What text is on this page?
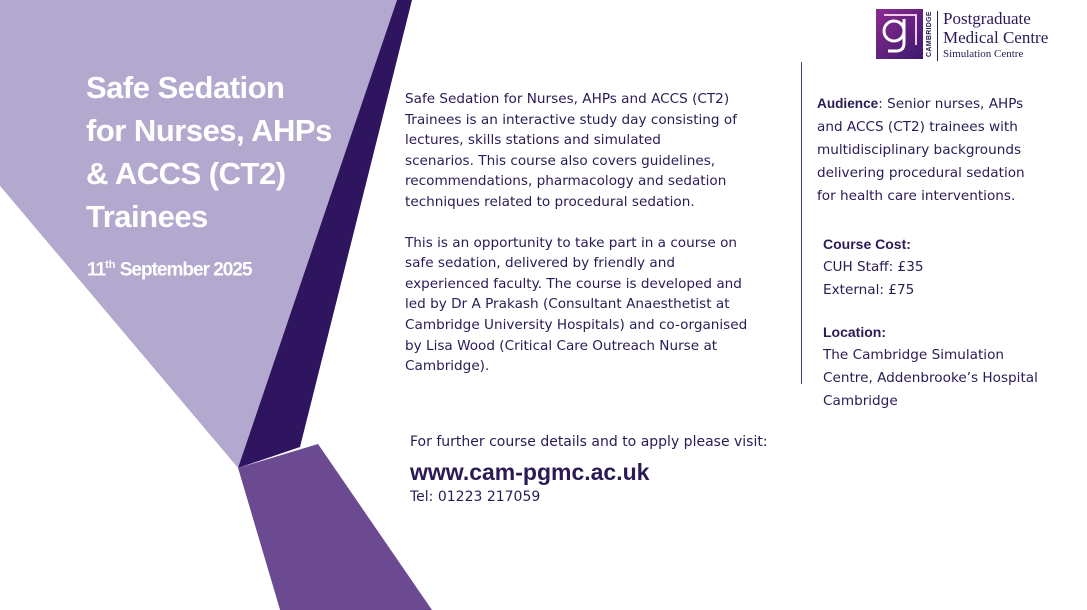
CAMBRIDGE Postgraduate
Medical Centre
Simulation Centre
Safe Sedation
for Nurses, AHPs
& ACCS (CT2)
Trainees
11th September 2025

Safe Sedation for Nurses, AHPs and ACCS (CT2)
Trainees is an interactive study day consisting of
lectures, skills stations and simulated
scenarios. This course also covers guidelines,
recommendations, pharmacology and sedation
techniques related to procedural sedation.

This is an opportunity to take part in a course on
safe sedation, delivered by friendly and
experienced faculty. The course is developed and
led by Dr A Prakash (Consultant Anaesthetist at
Cambridge University Hospitals) and co-organised
by Lisa Wood (Critical Care Outreach Nurse at
Cambridge).

For further course details and to apply please visit:
www.cam-pgmc.ac.uk
Tel: 01223 217059
Audience: Senior nurses, AHPs
and ACCS (CT2) trainees with
multidisciplinary backgrounds
delivering procedural sedation
for health care interventions.
Course Cost:
CUH Staff: £35
External: £75
Location:
The Cambridge Simulation
Centre, Addenbrooke’s Hospital
Cambridge
